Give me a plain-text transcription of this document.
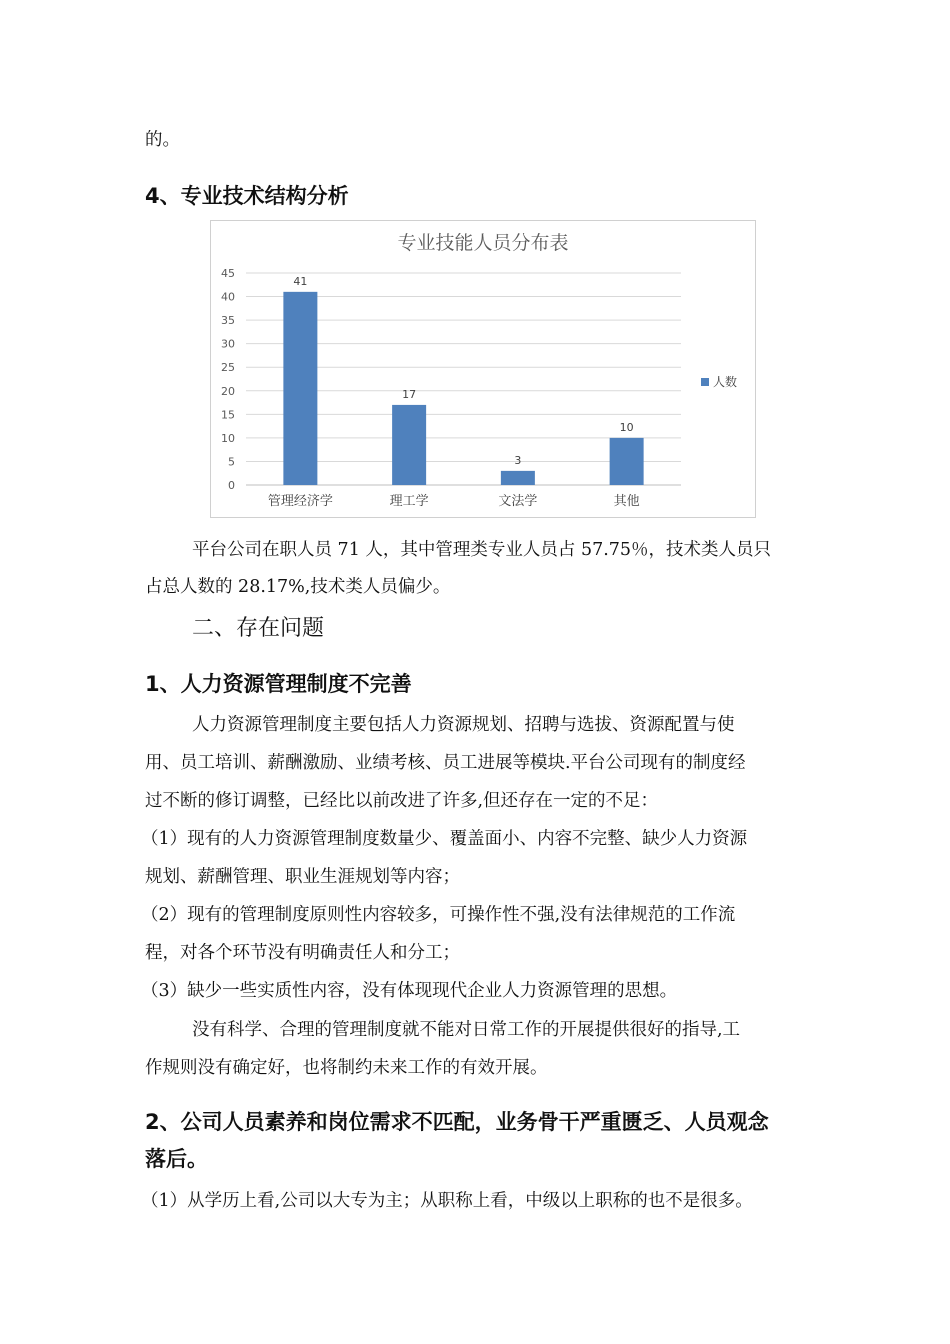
的。
4、专业技术结构分析
专业技能人员分布表
0
5
10
15
20
25
30
35
40
45
41
管理经济学
17
理工学
3
文法学
10
其他
人数
平台公司在职人员 71 人，其中管理类专业人员占 57.75％，技术类人员只
占总人数的 28.17%,技术类人员偏少。
二、存在问题
1、人力资源管理制度不完善
人力资源管理制度主要包括人力资源规划、招聘与选拔、资源配置与使
用、员工培训、薪酬激励、业绩考核、员工进展等模块.平台公司现有的制度经
过不断的修订调整，已经比以前改进了许多,但还存在一定的不足：
（1）现有的人力资源管理制度数量少、覆盖面小、内容不完整、缺少人力资源
规划、薪酬管理、职业生涯规划等内容；
（2）现有的管理制度原则性内容较多，可操作性不强,没有法律规范的工作流
程，对各个环节没有明确责任人和分工；
（3）缺少一些实质性内容，没有体现现代企业人力资源管理的思想。
没有科学、合理的管理制度就不能对日常工作的开展提供很好的指导,工
作规则没有确定好，也将制约未来工作的有效开展。
2、公司人员素养和岗位需求不匹配，业务骨干严重匮乏、人员观念
落后。
（1）从学历上看,公司以大专为主；从职称上看，中级以上职称的也不是很多。
